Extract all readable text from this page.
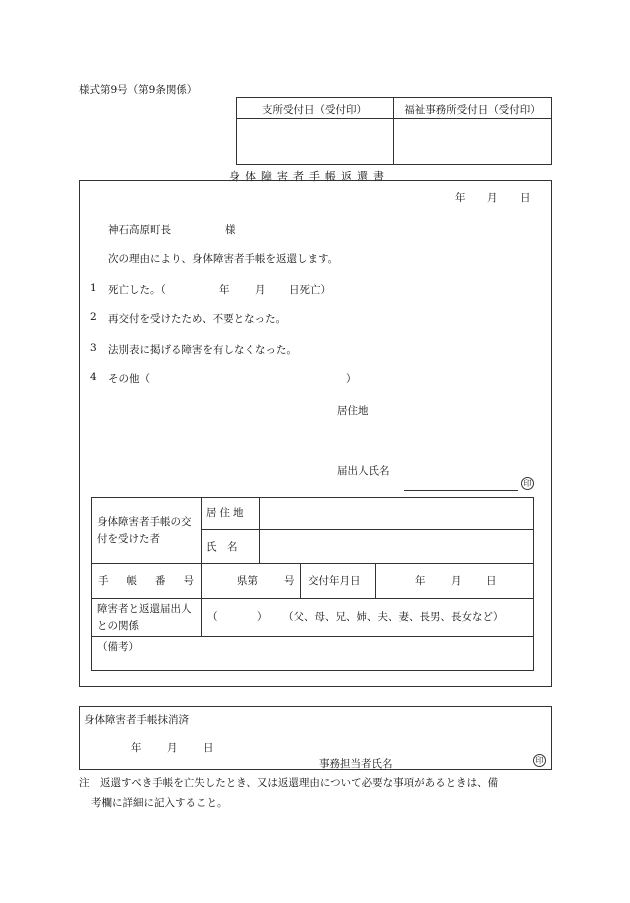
様式第9号（第9条関係）
支所受付日（受付印）	福祉事務所受付日（受付印）
身体障害者手帳返還書
年 月 日
神石高原町長	様
次の理由により、身体障害者手帳を返還します。
1 死亡した。（	年 月 日死亡）
2 再交付を受けたため、不要となった。
3 法別表に掲げる障害を有しなくなった。
4 その他（	）
居住地
届出人氏名
印
身体障害者手帳の交付を受けた者
居住地
氏　名
手帳番号	県第 号 交付年月日	年 月 日
障害者と返還届出人との関係
（	） （父、母、兄、姉、夫、妻、長男、長女など）
（備考）
身体障害者手帳抹消済
年 月 日
事務担当者氏名	印
注 返還すべき手帳を亡失したとき、又は返還理由について必要な事項があるときは、備
考欄に詳細に記入すること。
